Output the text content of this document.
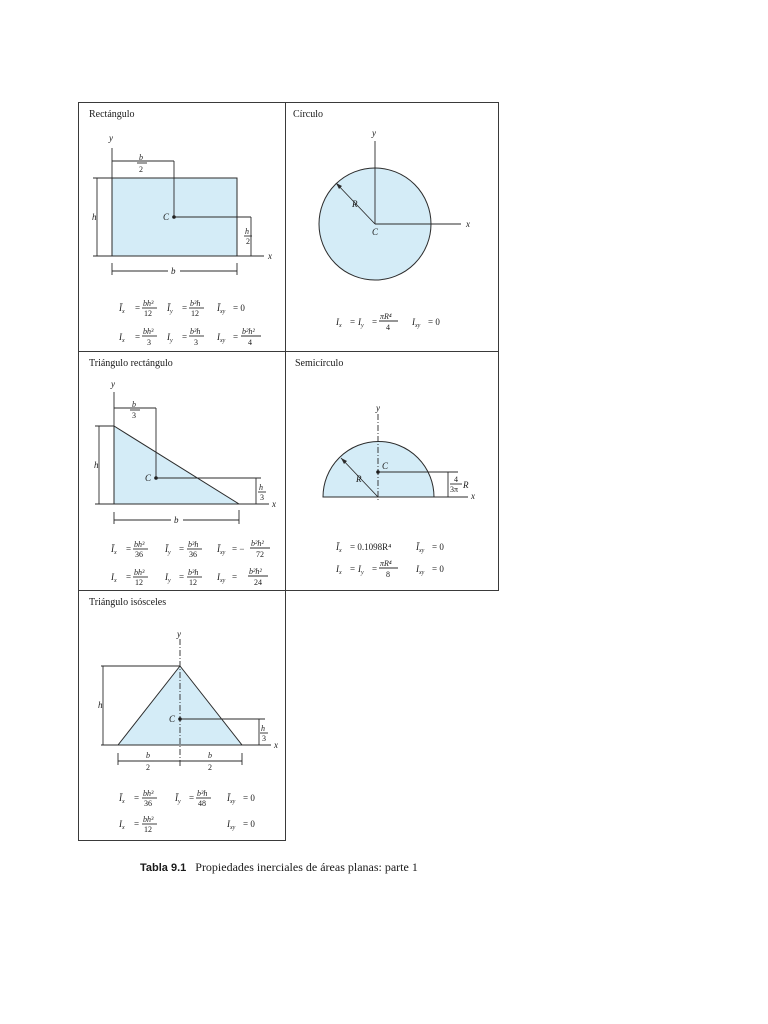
Rectángulo
y
x
C
b
2
h
h
2
b
$Ī_x = bh^3$
12
$Ī_y = b^3h$
12
$Ī_{xy} = 0$
$I_x$ =
bh³
3
$I_y$ =
b³h
3
$I_{xy}$ =
b²h²
4
Círculo
y
x
R
C
$I_x = I_y$ =
πR⁴
4
$I_{xy} = 0$
Triángulo rectángulo
y
x
C
b
3
h
h
3
b
$Ī_x = bh^3$
36
$Ī_y = b^3h$
36
$Ī_{xy}$ = −
b²h²
72
$I_x = bh^3$
12
$I_y = b^3h$
12
$I_{xy}$ =
b²h²
24
Semicírculo
y
x
C
R	4
3π R
$Ī_x = 0.1098R^4$	$Ī_{xy} = 0$
$I_x = I_y$ =
πR⁴
8
$I_{xy} = 0$
Triángulo isósceles
y
x
C
h
h
3
b
2
b
2
$Ī_x = bh^3$
36
$Ī_y = b^3h$
48
$Ī_{xy} = 0$
$I_x = bh^3$
12
$I_{xy} = 0$
Tabla 9.1 Propiedades inerciales de áreas planas: parte 1
